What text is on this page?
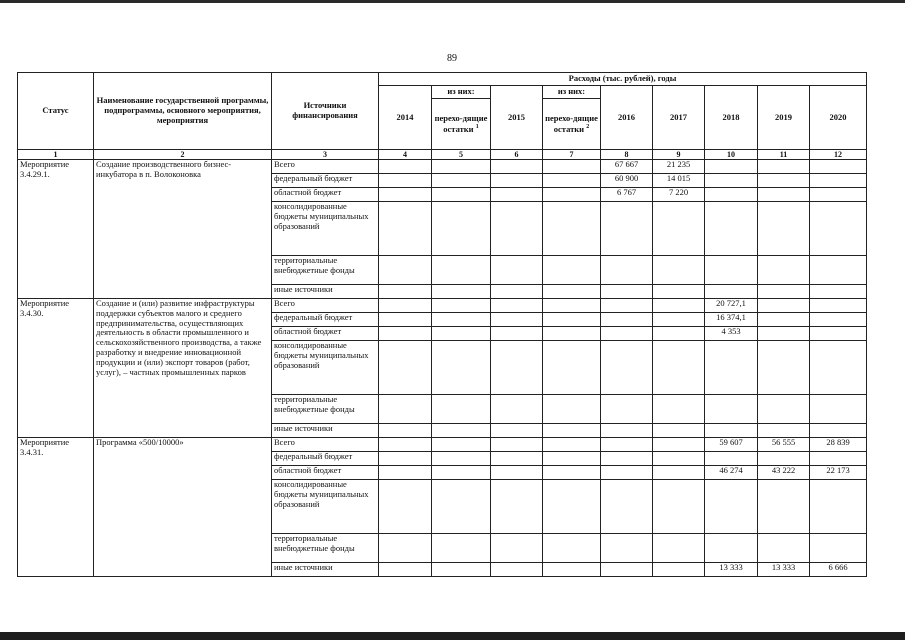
89
Статус	Наименование государственной программы, подпрограммы, основного мероприятия, мероприятия	Источники финансирования	Расходы (тыс. рублей), годы								
			2014	из них:	2015	из них:	2016	2017	2018	2019	2020
				перехо-дящие остатки $^1$		перехо-дящие остатки $^2$
1	2	3	4	5	6	7	8	9	10	11	12
Мероприятие 3.4.29.1.	Создание производственного бизнес-инкубатора в п. Волоконовка	Всего					67 667	21 235			
		федеральный бюджет					60 900	14 015			
		областной бюджет					6 767	7 220			
		консолидированные бюджеты муниципальных образований									
		территориальные внебюджетные фонды									
		иные источники									
Мероприятие 3.4.30.	Создание и (или) развитие инфраструктуры поддержки субъектов малого и среднего предпринимательства, осуществляющих деятельность в области промышленного и сельскохозяйственного производства, а также разработку и внедрение инновационной продукции и (или) экспорт товаров (работ, услуг), – частных промышленных парков	Всего							20 727,1		
		федеральный бюджет							16 374,1		
		областной бюджет							4 353		
		консолидированные бюджеты муниципальных образований									
		территориальные внебюджетные фонды									
		иные источники									
Мероприятие 3.4.31.	Программа «500/10000»	Всего							59 607	56 555	28 839
		федеральный бюджет									
		областной бюджет							46 274	43 222	22 173
		консолидированные бюджеты муниципальных образований									
		территориальные внебюджетные фонды									
		иные источники							13 333	13 333	6 666
